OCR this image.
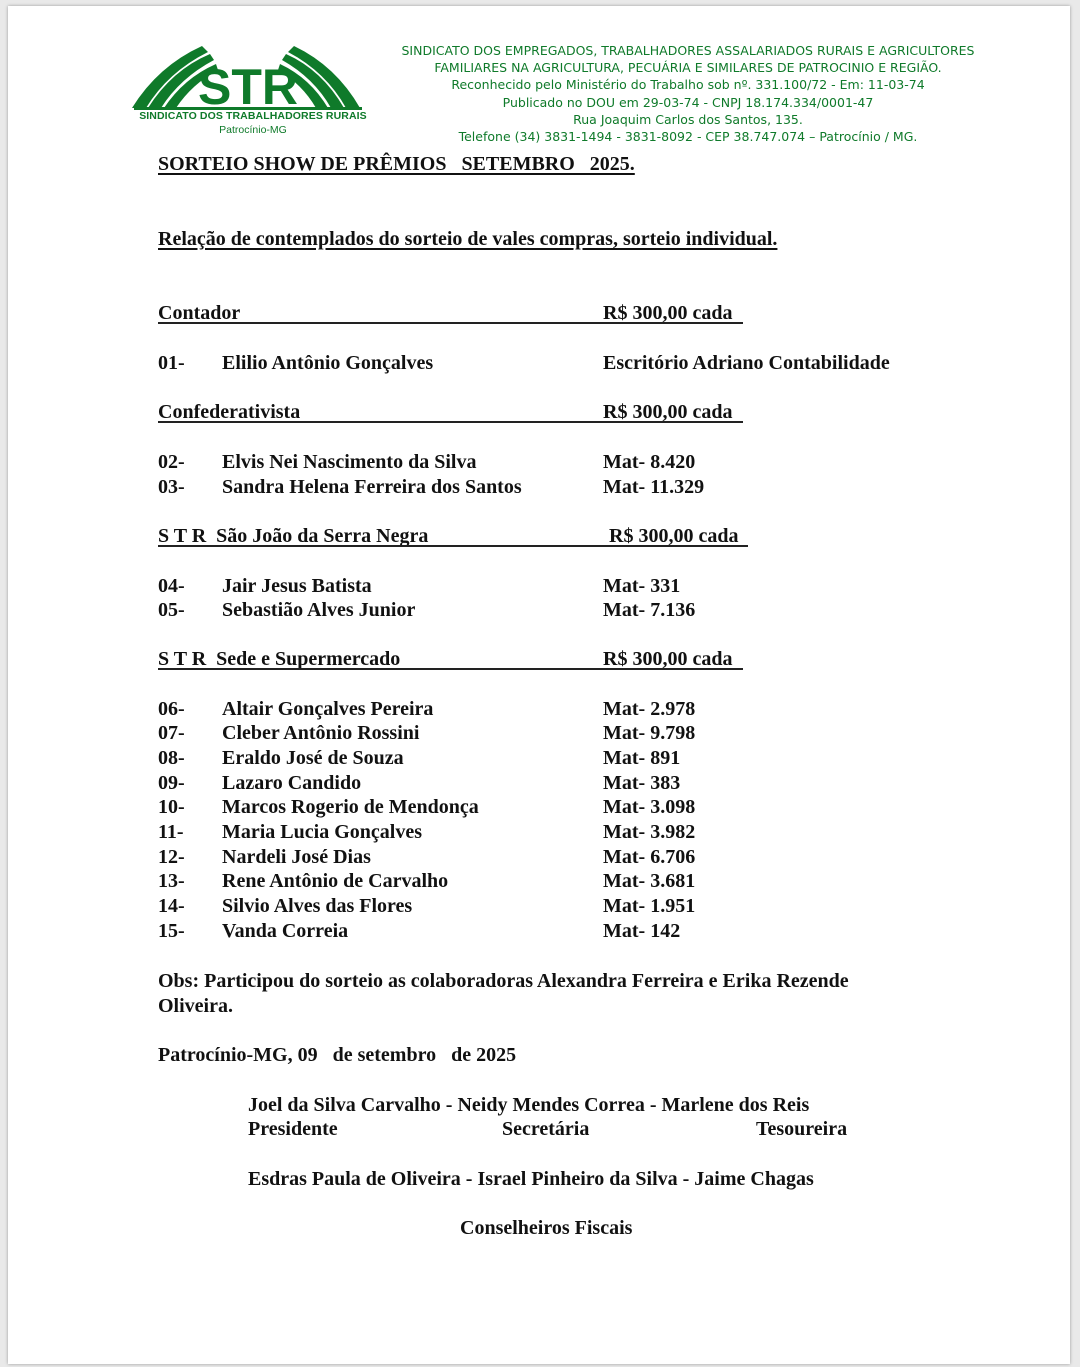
STR
SINDICATO DOS TRABALHADORES RURAIS
Patrocínio-MG
SINDICATO DOS EMPREGADOS, TRABALHADORES ASSALARIADOS RURAIS E AGRICULTORES
FAMILIARES NA AGRICULTURA, PECUÁRIA E SIMILARES DE PATROCINIO E REGIÃO.
Reconhecido pelo Ministério do Trabalho sob nº. 331.100/72 - Em: 11-03-74
Publicado no DOU em 29-03-74 - CNPJ 18.174.334/0001-47
Rua Joaquim Carlos dos Santos, 135.
Telefone (34) 3831-1494 - 3831-8092 - CEP 38.747.074 – Patrocínio / MG.
SORTEIO SHOW DE PRÊMIOS   SETEMBRO   2025.
Relação de contemplados do sorteio de vales compras, sorteio individual.
Contador	R$ 300,00 cada
01- Elilio Antônio Gonçalves	Escritório Adriano Contabilidade
Confederativista	R$ 300,00 cada
02- Elvis Nei Nascimento da Silva	Mat- 8.420
03- Sandra Helena Ferreira dos Santos	Mat- 11.329
S T R  São João da Serra Negra	R$ 300,00 cada
04- Jair Jesus Batista	Mat- 331
05- Sebastião Alves Junior	Mat- 7.136
S T R  Sede e Supermercado	R$ 300,00 cada
06- Altair Gonçalves Pereira	Mat- 2.978
07- Cleber Antônio Rossini	Mat- 9.798
08- Eraldo José de Souza	Mat- 891
09- Lazaro Candido	Mat- 383
10- Marcos Rogerio de Mendonça	Mat- 3.098
11- Maria Lucia Gonçalves	Mat- 3.982
12- Nardeli José Dias	Mat- 6.706
13- Rene Antônio de Carvalho	Mat- 3.681
14- Silvio Alves das Flores	Mat- 1.951
15- Vanda Correia	Mat- 142
Obs: Participou do sorteio as colaboradoras Alexandra Ferreira e Erika Rezende
Oliveira.
Patrocínio-MG, 09   de setembro   de 2025
Joel da Silva Carvalho - Neidy Mendes Correa - Marlene dos Reis
Presidente	Secretária	Tesoureira
Esdras Paula de Oliveira - Israel Pinheiro da Silva - Jaime Chagas
Conselheiros Fiscais
